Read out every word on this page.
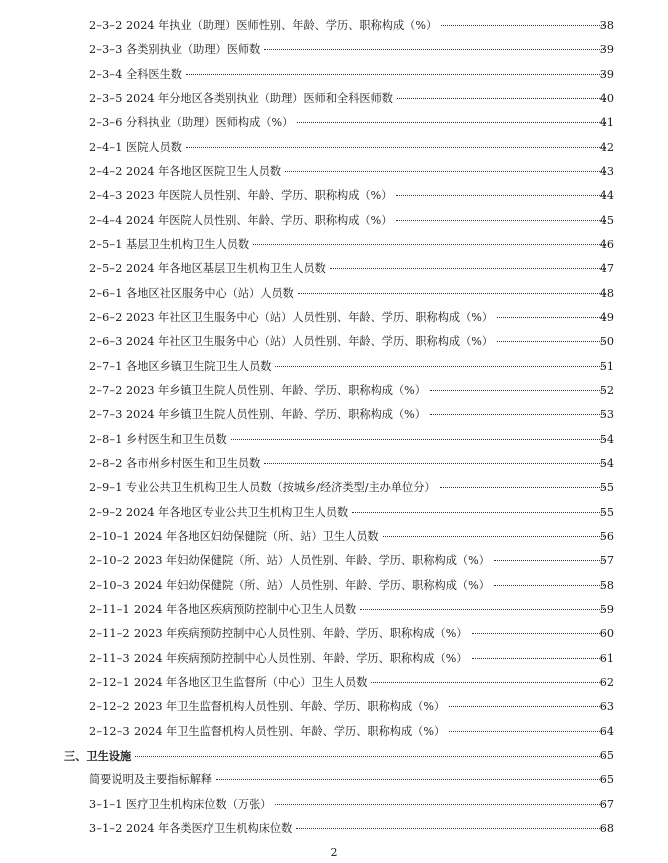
2–3–2 2024 年执业（助理）医师性别、年龄、学历、职称构成（%）	38
2–3–3 各类别执业（助理）医师数	39
2–3–4 全科医生数	39
2–3–5 2024 年分地区各类别执业（助理）医师和全科医师数	40
2–3–6 分科执业（助理）医师构成（%）	41
2–4–1 医院人员数	42
2–4–2 2024 年各地区医院卫生人员数	43
2–4–3 2023 年医院人员性别、年龄、学历、职称构成（%）	44
2–4–4 2024 年医院人员性别、年龄、学历、职称构成（%）	45
2–5–1 基层卫生机构卫生人员数	46
2–5–2 2024 年各地区基层卫生机构卫生人员数	47
2–6–1 各地区社区服务中心（站）人员数	48
2–6–2 2023 年社区卫生服务中心（站）人员性别、年龄、学历、职称构成（%）	49
2–6–3 2024 年社区卫生服务中心（站）人员性别、年龄、学历、职称构成（%）	50
2–7–1 各地区乡镇卫生院卫生人员数	51
2–7–2 2023 年乡镇卫生院人员性别、年龄、学历、职称构成（%）	52
2–7–3 2024 年乡镇卫生院人员性别、年龄、学历、职称构成（%）	53
2–8–1 乡村医生和卫生员数	54
2–8–2 各市州乡村医生和卫生员数	54
2–9–1 专业公共卫生机构卫生人员数（按城乡/经济类型/主办单位分）	55
2–9–2 2024 年各地区专业公共卫生机构卫生人员数	55
2–10–1 2024 年各地区妇幼保健院（所、站）卫生人员数	56
2–10–2 2023 年妇幼保健院（所、站）人员性别、年龄、学历、职称构成（%）	57
2–10–3 2024 年妇幼保健院（所、站）人员性别、年龄、学历、职称构成（%）	58
2–11–1 2024 年各地区疾病预防控制中心卫生人员数	59
2–11–2 2023 年疾病预防控制中心人员性别、年龄、学历、职称构成（%）	60
2–11–3 2024 年疾病预防控制中心人员性别、年龄、学历、职称构成（%）	61
2–12–1 2024 年各地区卫生监督所（中心）卫生人员数	62
2–12–2 2023 年卫生监督机构人员性别、年龄、学历、职称构成（%）	63
2–12–3 2024 年卫生监督机构人员性别、年龄、学历、职称构成（%）	64
三、卫生设施	65
简要说明及主要指标解释	65
3–1–1 医疗卫生机构床位数（万张）	67
3–1–2 2024 年各类医疗卫生机构床位数	68
2
